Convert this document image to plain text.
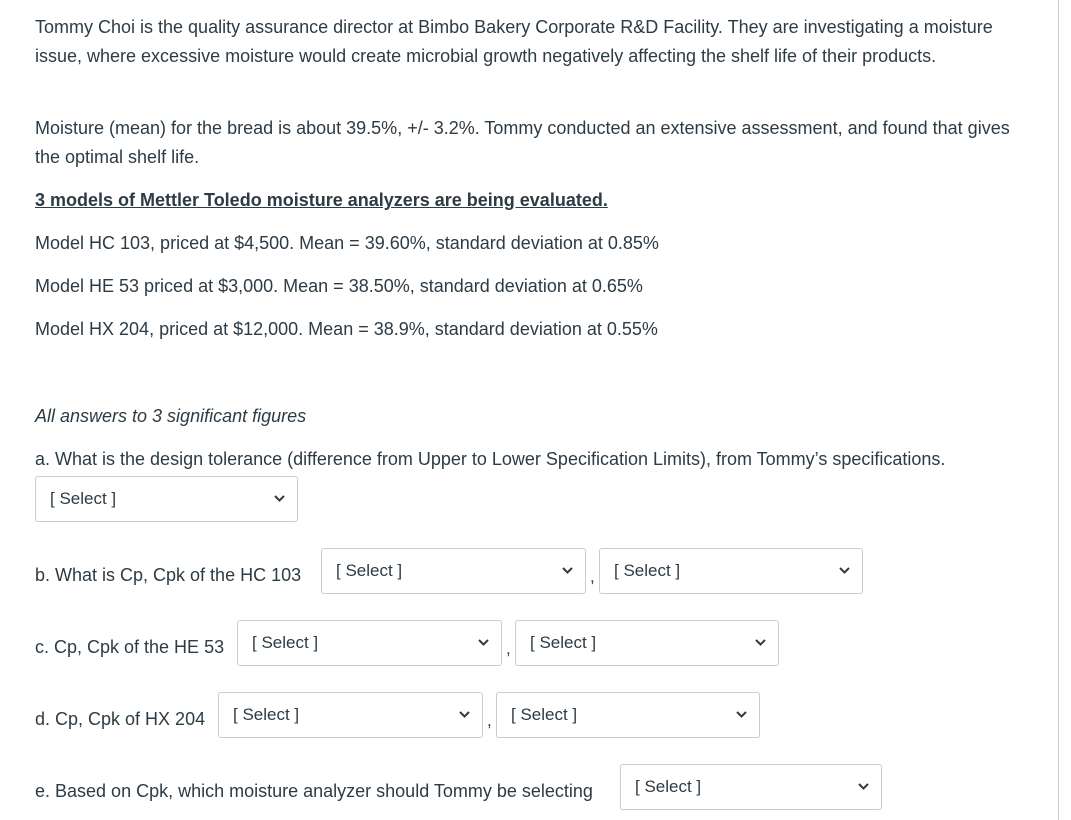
Tommy Choi is the quality assurance director at Bimbo Bakery Corporate R&D Facility. They are investigating a moisture issue, where excessive moisture would create microbial growth negatively affecting the shelf life of their products.

Moisture (mean) for the bread is about 39.5%, +/- 3.2%. Tommy conducted an extensive assessment, and found that gives the optimal shelf life.

3 models of Mettler Toledo moisture analyzers are being evaluated.

Model HC 103, priced at $4,500. Mean = 39.60%, standard deviation at 0.85%

Model HE 53 priced at $3,000. Mean = 38.50%, standard deviation at 0.65%

Model HX 204, priced at $12,000. Mean = 38.9%, standard deviation at 0.55%

All answers to 3 significant figures

a. What is the design tolerance (difference from Upper to Lower Specification Limits), from Tommy’s specifications.

[ Select ]

b. What is Cp, Cpk of the HC 103 [ Select ]	, [ Select ]

c. Cp, Cpk of the HE 53 [ Select ]	, [ Select ]

d. Cp, Cpk of HX 204 [ Select ]	, [ Select ]

e. Based on Cpk, which moisture analyzer should Tommy be selecting [ Select ]
